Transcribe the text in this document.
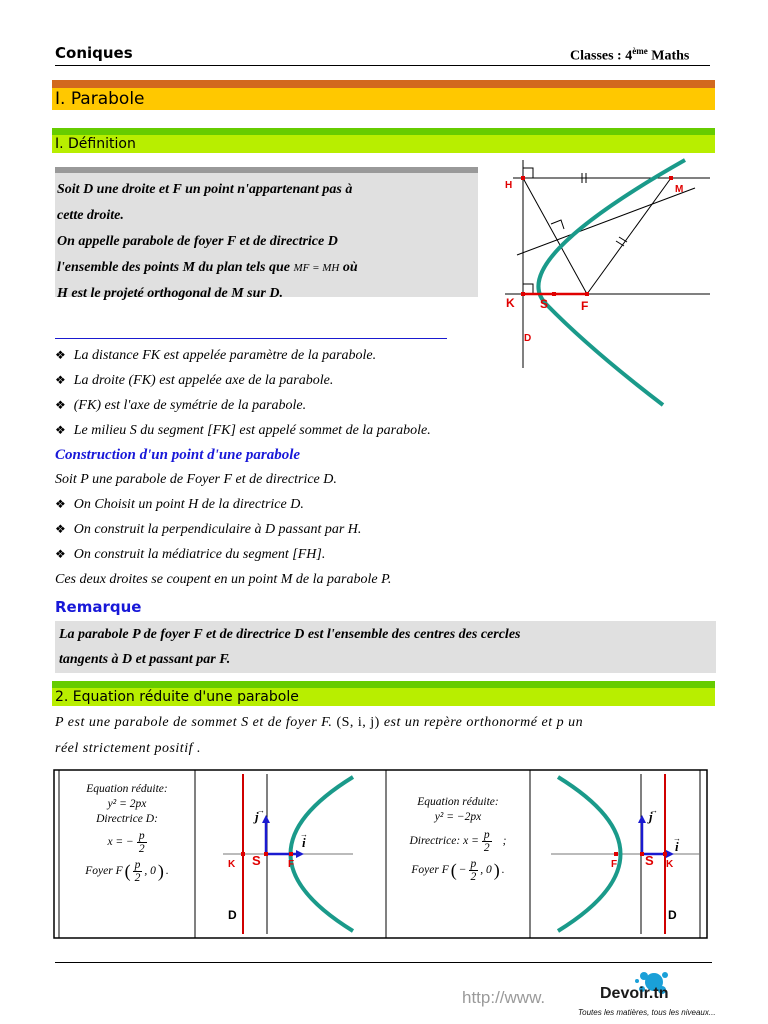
Coniques	Classes : 4ème Maths
I. Parabole
I. Définition
Soit D une droite et F un point n'appartenant pas à
cette droite.
On appelle parabole de foyer F et de directrice D
l'ensemble des points M du plan tels que MF = MH où
H est le projeté orthogonal de M sur D.
H	M
K S	F
D
❖ La distance FK est appelée paramètre de la parabole.
❖ La droite (FK) est appelée axe de la parabole.
❖ (FK) est l'axe de symétrie de la parabole.
❖ Le milieu S du segment [FK] est appelé sommet de la parabole.
Construction d'un point d'une parabole
Soit P une parabole de Foyer F et de directrice D.
❖ On Choisit un point H de la directrice D.
❖ On construit la perpendiculaire à D passant par H.
❖ On construit la médiatrice du segment [FH].
Ces deux droites se coupent en un point M de la parabole P.
Remarque
La parabole P de foyer F et de directrice D est l'ensemble des centres des cercles
tangents à D et passant par F.
2. Equation réduite d'une parabole
P est une parabole de sommet S et de foyer F. (S, i, j) est un repère orthonormé et p un
réel strictement positif .
K S	F
j
→
i
→
D
F S K
j
→
i
→
D
Equation réduite:
y² = 2px
Directrice D:
x = − $\frac{p}{2}$
Foyer F ( p
2
, 0 ) .
Equation réduite:
y² = −2px
Directrice: $x = \frac{p}{2}$ ;
Foyer F ( − $\frac{p}{2}$ , 0 ) .
http://www.	Devoir.tn
Toutes les matières, tous les niveaux...
